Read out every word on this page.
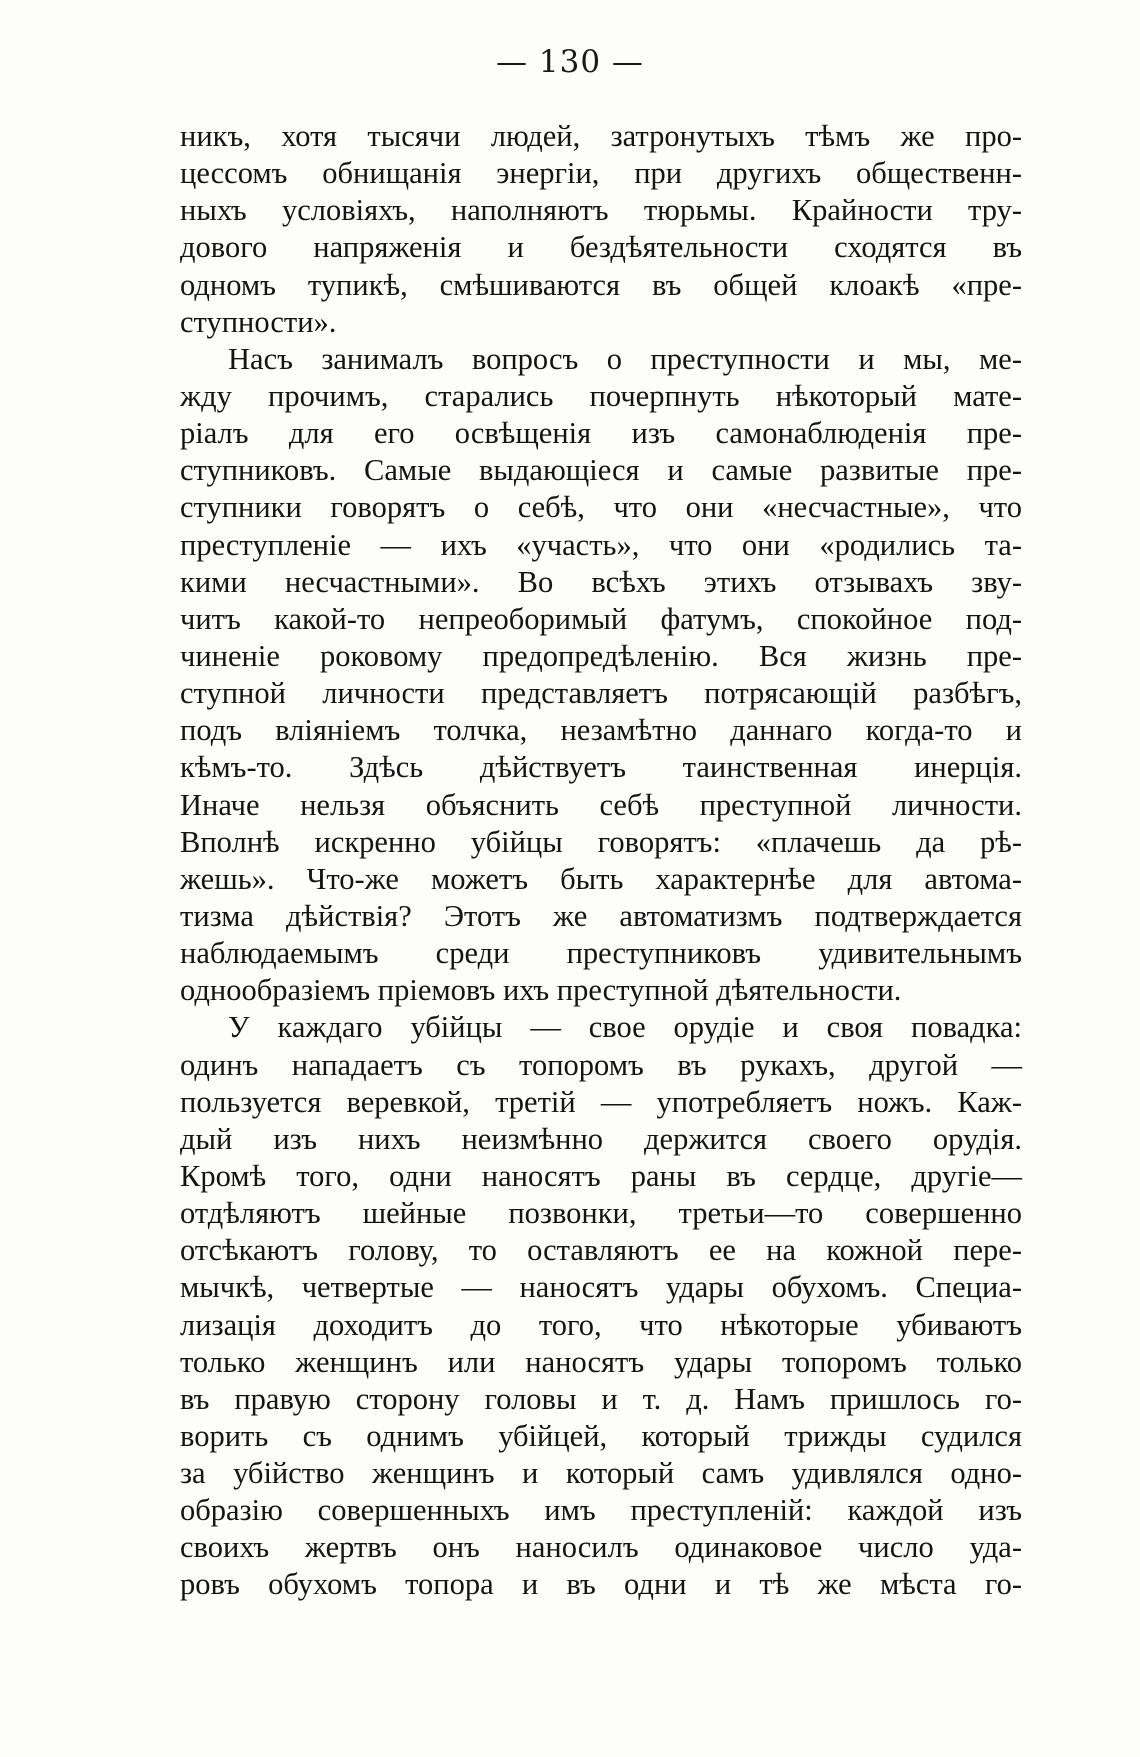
— 130 —
никъ, хотя тысячи людей, затронутыхъ тѣмъ же про-
цессомъ обнищанія энергіи, при другихъ общественн-
ныхъ условіяхъ, наполняютъ тюрьмы. Крайности тру-
дового напряженія и бездѣятельности сходятся въ
одномъ тупикѣ, смѣшиваются въ общей клоакѣ «пре-
ступности».
Насъ занималъ вопросъ о преступности и мы, ме-
жду прочимъ, старались почерпнуть нѣкоторый мате-
ріалъ для его освѣщенія изъ самонаблюденія пре-
ступниковъ. Самые выдающіеся и самые развитые пре-
ступники говорятъ о себѣ, что они «несчастные», что
преступленіе — ихъ «участь», что они «родились та-
кими несчастными». Во всѣхъ этихъ отзывахъ зву-
читъ какой-то непреоборимый фатумъ, спокойное под-
чиненіе роковому предопредѣленію. Вся жизнь пре-
ступной личности представляетъ потрясающій разбѣгъ,
подъ вліяніемъ толчка, незамѣтно даннаго когда-то и
кѣмъ-то. Здѣсь дѣйствуетъ таинственная инерція.
Иначе нельзя объяснить себѣ преступной личности.
Вполнѣ искренно убійцы говорятъ: «плачешь да рѣ-
жешь». Что-же можетъ быть характернѣе для автома-
тизма дѣйствія? Этотъ же автоматизмъ подтверждается
наблюдаемымъ среди преступниковъ удивительнымъ
однообразіемъ пріемовъ ихъ преступной дѣятельности.
У каждаго убійцы — свое орудіе и своя повадка:
одинъ нападаетъ съ топоромъ въ рукахъ, другой —
пользуется веревкой, третій — употребляетъ ножъ. Каж-
дый изъ нихъ неизмѣнно держится своего орудія.
Кромѣ того, одни наносятъ раны въ сердце, другіе—
отдѣляютъ шейные позвонки, третьи—то совершенно
отсѣкаютъ голову, то оставляютъ ее на кожной пере-
мычкѣ, четвертые — наносятъ удары обухомъ. Специа-
лизація доходитъ до того, что нѣкоторые убиваютъ
только женщинъ или наносятъ удары топоромъ только
въ правую сторону головы и т. д. Намъ пришлось го-
ворить съ однимъ убійцей, который трижды судился
за убійство женщинъ и который самъ удивлялся одно-
образію совершенныхъ имъ преступленій: каждой изъ
своихъ жертвъ онъ наносилъ одинаковое число уда-
ровъ обухомъ топора и въ одни и тѣ же мѣста го-
